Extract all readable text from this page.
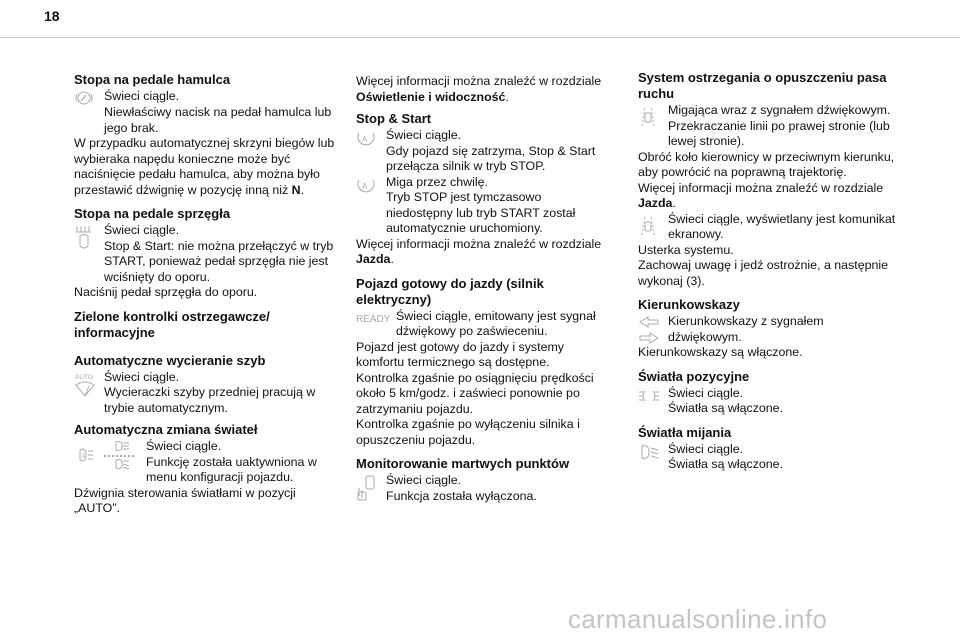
18
Stopa na pedale hamulca

Świeci ciągle.

Niewłaściwy nacisk na pedał hamulca lub jego brak.

W przypadku automatycznej skrzyni biegów lub wybieraka napędu konieczne może być naciśnięcie pedału hamulca, aby można było przestawić dźwignię w pozycję inną niż N.

Stopa na pedale sprzęgła

Świeci ciągle.

Stop & Start: nie można przełączyć w tryb START, ponieważ pedał sprzęgła nie jest wciśnięty do oporu.

Naciśnij pedał sprzęgła do oporu.

Zielone kontrolki ostrzegawcze/ informacyjne
Automatyczne wycieranie szyb
AUTO Świeci ciągle.

Wycieraczki szyby przedniej pracują w trybie automatycznym.

Automatyczna zmiana świateł
A

Świeci ciągle.

Funkcję została uaktywniona w menu konfiguracji pojazdu.

Dźwignia sterowania światłami w pozycji „AUTO”.

Więcej informacji można znaleźć w rozdziale Oświetlenie i widoczność.

Stop & Start
A Świeci ciągle.

Gdy pojazd się zatrzyma, Stop & Start przełącza silnik w tryb STOP.

A Miga przez chwilę.

Tryb STOP jest tymczasowo niedostępny lub tryb START został automatycznie uruchomiony.

Więcej informacji można znaleźć w rozdziale Jazda.

Pojazd gotowy do jazdy (silnik elektryczny)
READY Świeci ciągle, emitowany jest sygnał dźwiękowy po zaświeceniu.

Pojazd jest gotowy do jazdy i systemy komfortu termicznego są dostępne.

Kontrolka zgaśnie po osiągnięciu prędkości około 5 km/godz. i zaświeci ponownie po zatrzymaniu pojazdu.

Kontrolka zgaśnie po wyłączeniu silnika i opuszczeniu pojazdu.

Monitorowanie martwych punktów

Świeci ciągle.

Funkcja została wyłączona.

System ostrzegania o opuszczeniu pasa ruchu

Migająca wraz z sygnałem dźwiękowym.

Przekraczanie linii po prawej stronie (lub lewej stronie).

Obróć koło kierownicy w przeciwnym kierunku, aby powrócić na poprawną trajektorię.

Więcej informacji można znaleźć w rozdziale Jazda.

Świeci ciągle, wyświetlany jest komunikat ekranowy.

Usterka systemu.

Zachowaj uwagę i jedź ostrożnie, a następnie wykonaj (3).

Kierunkowskazy

Kierunkowskazy z sygnałem dźwiękowym.

Kierunkowskazy są włączone.

Światła pozycyjne

Świeci ciągle.

Światła są włączone.

Światła mijania

Świeci ciągle.

Światła są włączone.

carmanualsonline.info
